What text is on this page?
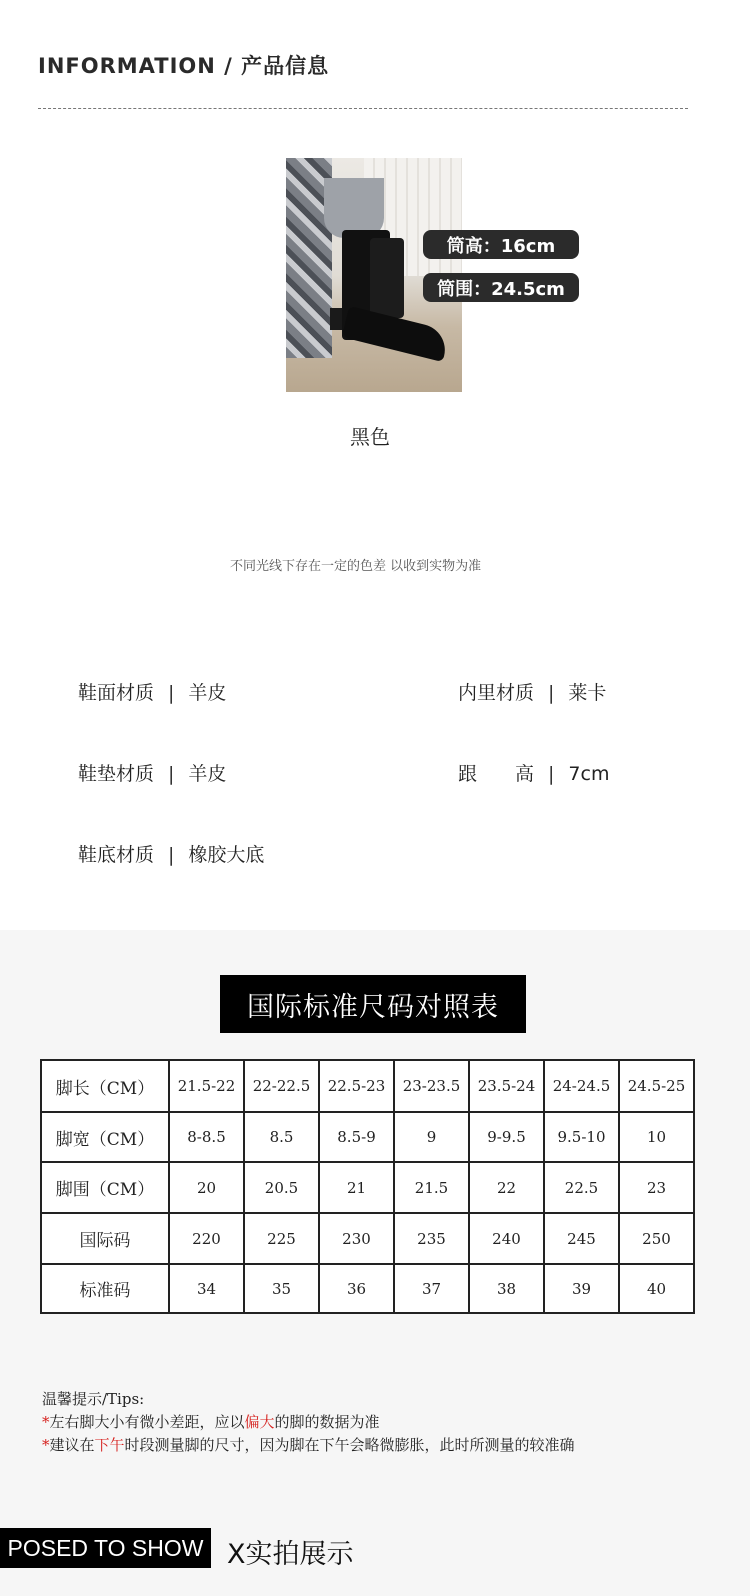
INFORMATION / 产品信息
筒高：16cm
筒围：24.5cm
黑色
不同光线下存在一定的色差 以收到实物为准
鞋面材质 | 羊皮	内里材质 | 莱卡
鞋垫材质 | 羊皮	跟　　高 | 7cm
鞋底材质 | 橡胶大底
国际标准尺码对照表
脚长（CM）	21.5-22	22-22.5	22.5-23	23-23.5	23.5-24	24-24.5	24.5-25
脚宽（CM）	8-8.5	8.5	8.5-9	9	9-9.5	9.5-10	10
脚围（CM）	20	20.5	21	21.5	22	22.5	23
国际码	220	225	230	235	240	245	250
标准码	34	35	36	37	38	39	40
温馨提示/Tips:
*左右脚大小有微小差距，应以偏大的脚的数据为准
*建议在下午时段测量脚的尺寸，因为脚在下午会略微膨胀，此时所测量的较准确
POSED TO SHOW X实拍展示
